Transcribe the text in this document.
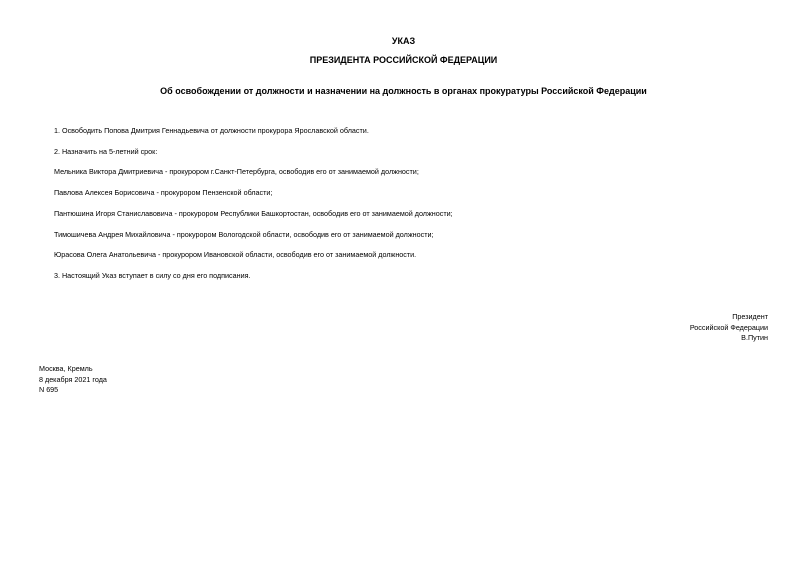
УКАЗ
ПРЕЗИДЕНТА РОССИЙСКОЙ ФЕДЕРАЦИИ
Об освобождении от должности и назначении на должность в органах прокуратуры Российской Федерации
1. Освободить Попова Дмитрия Геннадьевича от должности прокурора Ярославской области.
2. Назначить на 5-летний срок:
Мельника Виктора Дмитриевича - прокурором г.Санкт-Петербурга, освободив его от занимаемой должности;
Павлова Алексея Борисовича - прокурором Пензенской области;
Пантюшина Игоря Станиславовича - прокурором Республики Башкортостан, освободив его от занимаемой должности;
Тимошичева Андрея Михайловича - прокурором Вологодской области, освободив его от занимаемой должности;
Юрасова Олега Анатольевича - прокурором Ивановской области, освободив его от занимаемой должности.
3. Настоящий Указ вступает в силу со дня его подписания.
Президент
Российской Федерации
В.Путин
Москва, Кремль
8 декабря 2021 года
N 695
